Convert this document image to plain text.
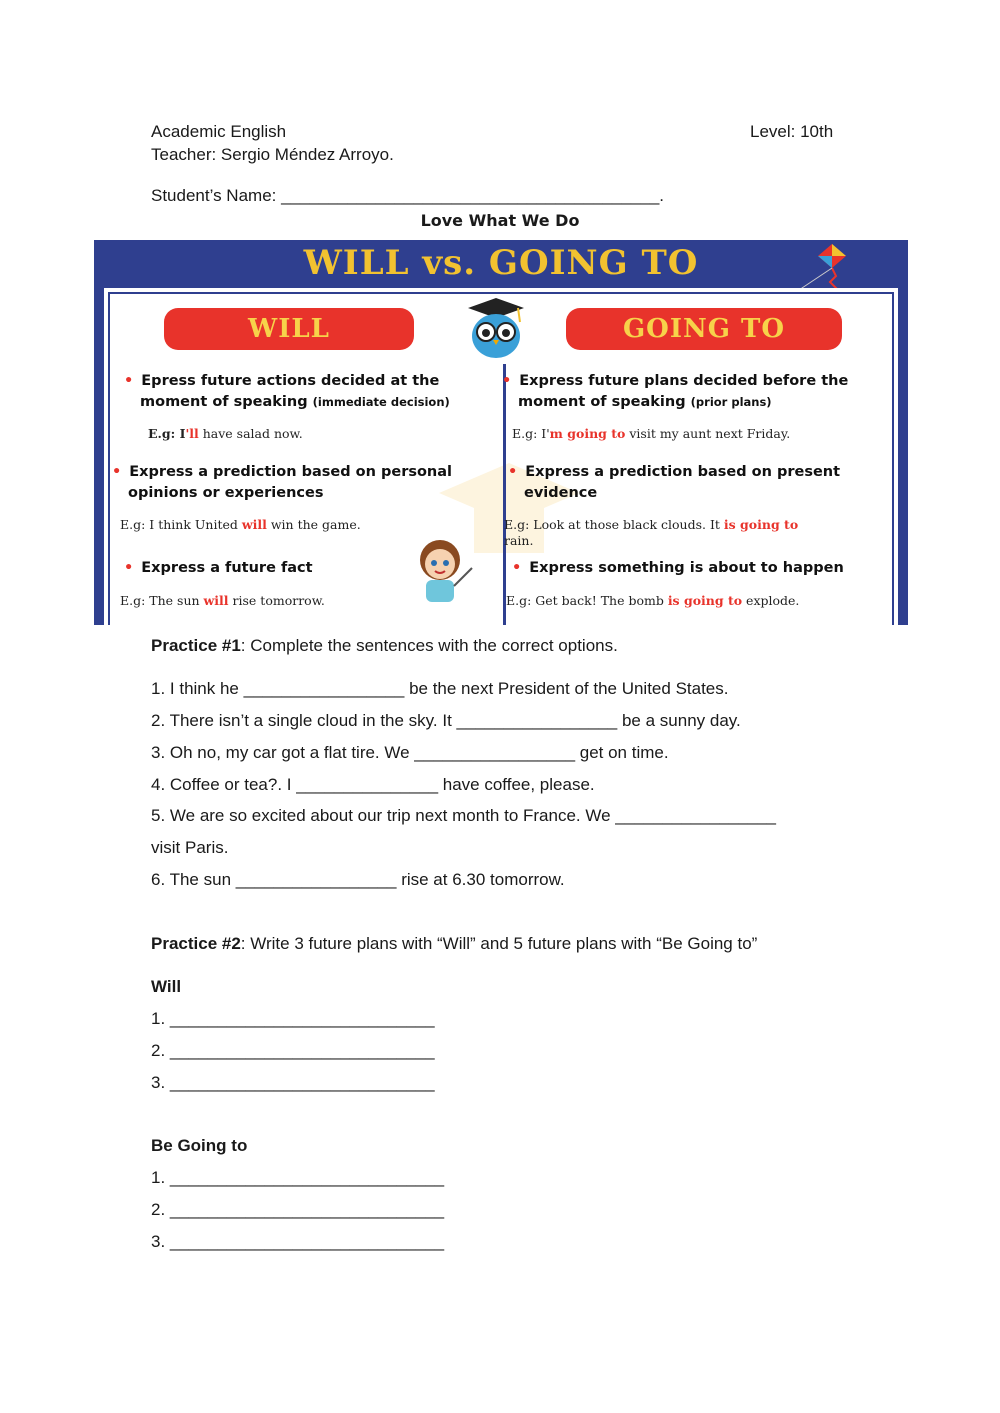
Academic English	Level: 10th
Teacher: Sergio Méndez Arroyo.
Student’s Name: ________________________________________.
Love What We Do
WILL vs. GOING TO
WILL	GOING TO
• Epress future actions decided at the
moment of speaking (immediate decision)
E.g: I'll have salad now.
• Express a prediction based on personal
opinions or experiences
E.g: I think United will win the game.
• Express a future fact
E.g: The sun will rise tomorrow.
• Express future plans decided before the
moment of speaking (prior plans)
E.g: I'm going to visit my aunt next Friday.
• Express a prediction based on present
evidence
E.g: Look at those black clouds. It is going to
rain.
• Express something is about to happen
E.g: Get back! The bomb is going to explode.
Practice #1: Complete the sentences with the correct options.
1. I think he _________________ be the next President of the United States.
2. There isn’t a single cloud in the sky. It _________________ be a sunny day.
3. Oh no, my car got a flat tire. We _________________ get on time.
4. Coffee or tea?. I _______________ have coffee, please.
5. We are so excited about our trip next month to France. We _________________
visit Paris.
6. The sun _________________ rise at 6.30 tomorrow.
Practice #2: Write 3 future plans with “Will” and 5 future plans with “Be Going to”
Will
1. ____________________________
2. ____________________________
3. ____________________________
Be Going to
1. _____________________________
2. _____________________________
3. _____________________________
